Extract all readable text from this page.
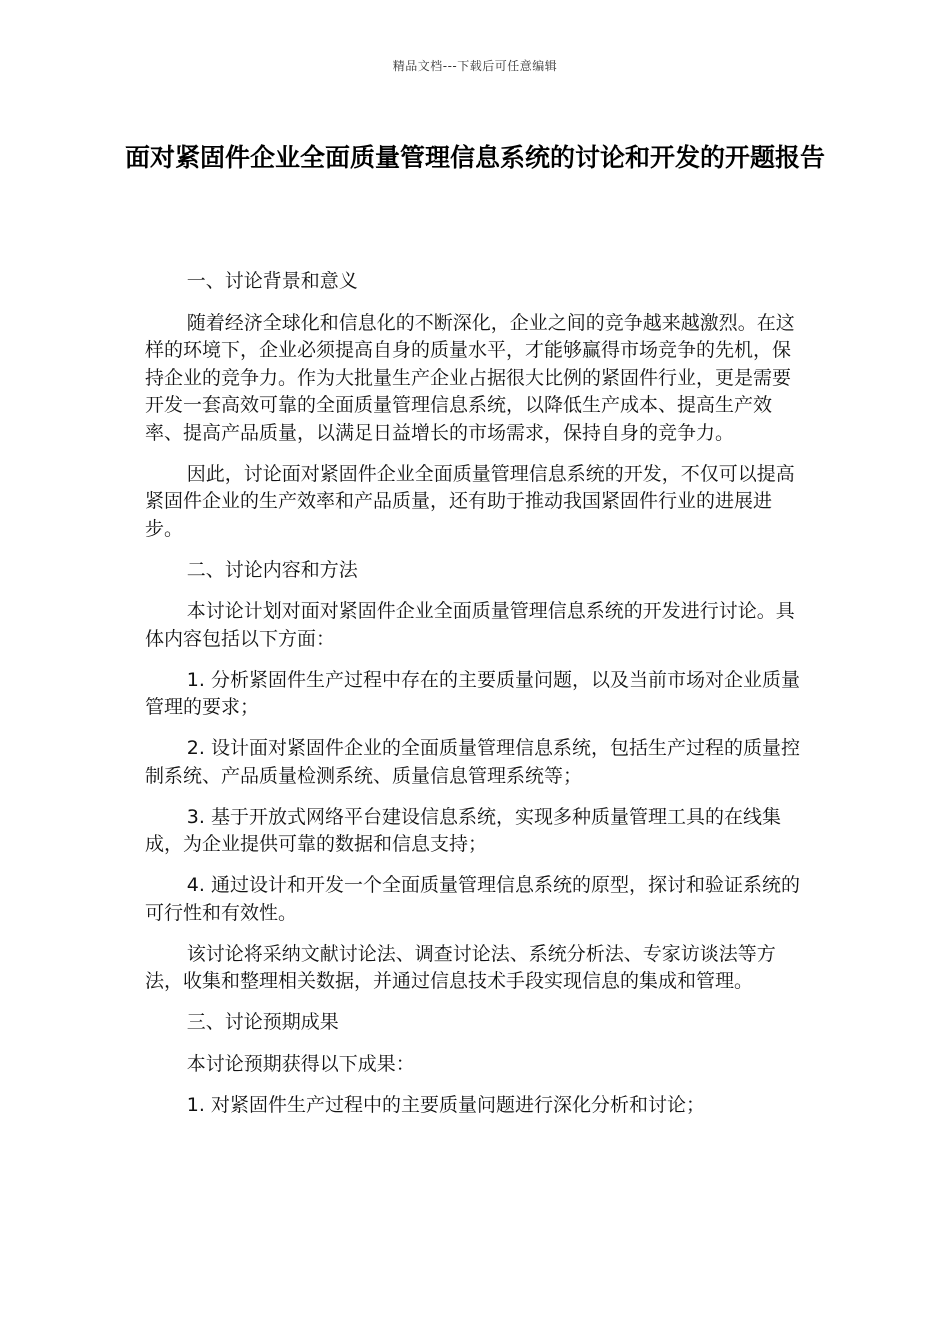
精品文档---下载后可任意编辑
面对紧固件企业全面质量管理信息系统的讨论和开发的开题报告

一、讨论背景和意义

随着经济全球化和信息化的不断深化，企业之间的竞争越来越激烈。在这样的环境下，企业必须提高自身的质量水平，才能够赢得市场竞争的先机，保持企业的竞争力。作为大批量生产企业占据很大比例的紧固件行业，更是需要开发一套高效可靠的全面质量管理信息系统，以降低生产成本、提高生产效率、提高产品质量，以满足日益增长的市场需求，保持自身的竞争力。

因此，讨论面对紧固件企业全面质量管理信息系统的开发，不仅可以提高紧固件企业的生产效率和产品质量，还有助于推动我国紧固件行业的进展进步。

二、讨论内容和方法

本讨论计划对面对紧固件企业全面质量管理信息系统的开发进行讨论。具体内容包括以下方面：

1. 分析紧固件生产过程中存在的主要质量问题，以及当前市场对企业质量管理的要求；

2. 设计面对紧固件企业的全面质量管理信息系统，包括生产过程的质量控制系统、产品质量检测系统、质量信息管理系统等；

3. 基于开放式网络平台建设信息系统，实现多种质量管理工具的在线集成，为企业提供可靠的数据和信息支持；

4. 通过设计和开发一个全面质量管理信息系统的原型，探讨和验证系统的可行性和有效性。

该讨论将采纳文献讨论法、调查讨论法、系统分析法、专家访谈法等方法，收集和整理相关数据，并通过信息技术手段实现信息的集成和管理。

三、讨论预期成果

本讨论预期获得以下成果：

1. 对紧固件生产过程中的主要质量问题进行深化分析和讨论；
